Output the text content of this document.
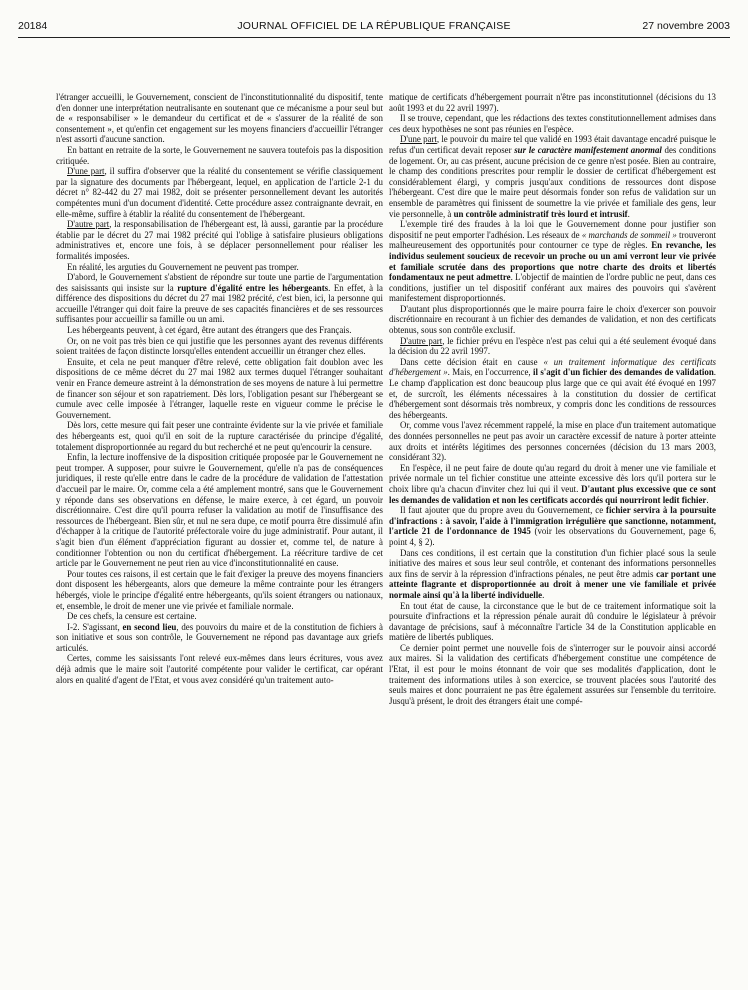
20184	JOURNAL OFFICIEL DE LA RÉPUBLIQUE FRANÇAISE	27 novembre 2003

l'étranger accueilli, le Gouvernement, conscient de l'inconstitutionnalité du dispositif, tente d'en donner une interprétation neutralisante en soutenant que ce mécanisme a pour seul but de « responsabiliser » le demandeur du certificat et de « s'assurer de la réalité de son consentement », et qu'enfin cet engagement sur les moyens financiers d'accueillir l'étranger n'est assorti d'aucune sanction.

En battant en retraite de la sorte, le Gouvernement ne sauvera toutefois pas la disposition critiquée.

D'une part, il suffira d'observer que la réalité du consentement se vérifie classiquement par la signature des documents par l'hébergeant, lequel, en application de l'article 2-1 du décret n° 82-442 du 27 mai 1982, doit se présenter personnellement devant les autorités compétentes muni d'un document d'identité. Cette procédure assez contraignante devrait, en elle-même, suffire à établir la réalité du consentement de l'hébergeant.

D'autre part, la responsabilisation de l'hébergeant est, là aussi, garantie par la procédure établie par le décret du 27 mai 1982 précité qui l'oblige à satisfaire plusieurs obligations administratives et, encore une fois, à se déplacer personnellement pour réaliser les formalités imposées.

En réalité, les arguties du Gouvernement ne peuvent pas tromper.

D'abord, le Gouvernement s'abstient de répondre sur toute une partie de l'argumentation des saisissants qui insiste sur la rupture d'égalité entre les hébergeants. En effet, à la différence des dispositions du décret du 27 mai 1982 précité, c'est bien, ici, la personne qui accueille l'étranger qui doit faire la preuve de ses capacités financières et de ses ressources suffisantes pour accueillir sa famille ou un ami.

Les hébergeants peuvent, à cet égard, être autant des étrangers que des Français.

Or, on ne voit pas très bien ce qui justifie que les personnes ayant des revenus différents soient traitées de façon distincte lorsqu'elles entendent accueillir un étranger chez elles.

Ensuite, et cela ne peut manquer d'être relevé, cette obligation fait doublon avec les dispositions de ce même décret du 27 mai 1982 aux termes duquel l'étranger souhaitant venir en France demeure astreint à la démonstration de ses moyens de nature à lui permettre de financer son séjour et son rapatriement. Dès lors, l'obligation pesant sur l'hébergeant se cumule avec celle imposée à l'étranger, laquelle reste en vigueur comme le précise le Gouvernement.

Dès lors, cette mesure qui fait peser une contrainte évidente sur la vie privée et familiale des hébergeants est, quoi qu'il en soit de la rupture caractérisée du principe d'égalité, totalement disproportionnée au regard du but recherché et ne peut qu'encourir la censure.

Enfin, la lecture inoffensive de la disposition critiquée proposée par le Gouvernement ne peut tromper. A supposer, pour suivre le Gouvernement, qu'elle n'a pas de conséquences juridiques, il reste qu'elle entre dans le cadre de la procédure de validation de l'attestation d'accueil par le maire. Or, comme cela a été amplement montré, sans que le Gouvernement y réponde dans ses observations en défense, le maire exerce, à cet égard, un pouvoir discrétionnaire. C'est dire qu'il pourra refuser la validation au motif de l'insuffisance des ressources de l'hébergeant. Bien sûr, et nul ne sera dupe, ce motif pourra être dissimulé afin d'échapper à la critique de l'autorité préfectorale voire du juge administratif. Pour autant, il s'agit bien d'un élément d'appréciation figurant au dossier et, comme tel, de nature à conditionner l'obtention ou non du certificat d'hébergement. La réécriture tardive de cet article par le Gouvernement ne peut rien au vice d'inconstitutionnalité en cause.

Pour toutes ces raisons, il est certain que le fait d'exiger la preuve des moyens financiers dont disposent les hébergeants, alors que demeure la même contrainte pour les étrangers hébergés, viole le principe d'égalité entre hébergeants, qu'ils soient étrangers ou nationaux, et, ensemble, le droit de mener une vie privée et familiale normale.

De ces chefs, la censure est certaine.

I-2. S'agissant, en second lieu, des pouvoirs du maire et de la constitution de fichiers à son initiative et sous son contrôle, le Gouvernement ne répond pas davantage aux griefs articulés.

Certes, comme les saisissants l'ont relevé eux-mêmes dans leurs écritures, vous avez déjà admis que le maire soit l'autorité compétente pour valider le certificat, car opérant alors en qualité d'agent de l'Etat, et vous avez considéré qu'un traitement auto-

matique de certificats d'hébergement pourrait n'être pas inconstitutionnel (décisions du 13 août 1993 et du 22 avril 1997).

Il se trouve, cependant, que les rédactions des textes constitutionnellement admises dans ces deux hypothèses ne sont pas réunies en l'espèce.

D'une part, le pouvoir du maire tel que validé en 1993 était davantage encadré puisque le refus d'un certificat devait reposer sur le caractère manifestement anormal des conditions de logement. Or, au cas présent, aucune précision de ce genre n'est posée. Bien au contraire, le champ des conditions prescrites pour remplir le dossier de certificat d'hébergement est considérablement élargi, y compris jusqu'aux conditions de ressources dont dispose l'hébergeant. C'est dire que le maire peut désormais fonder son refus de validation sur un ensemble de paramètres qui finissent de soumettre la vie privée et familiale des gens, leur vie personnelle, à un contrôle administratif très lourd et intrusif.

L'exemple tiré des fraudes à la loi que le Gouvernement donne pour justifier son dispositif ne peut emporter l'adhésion. Les réseaux de « marchands de sommeil » trouveront malheureusement des opportunités pour contourner ce type de règles. En revanche, les individus seulement soucieux de recevoir un proche ou un ami verront leur vie privée et familiale scrutée dans des proportions que notre charte des droits et libertés fondamentaux ne peut admettre. L'objectif de maintien de l'ordre public ne peut, dans ces conditions, justifier un tel dispositif conférant aux maires des pouvoirs qui s'avèrent manifestement disproportionnés.

D'autant plus disproportionnés que le maire pourra faire le choix d'exercer son pouvoir discrétionnaire en recourant à un fichier des demandes de validation, et non des certificats obtenus, sous son contrôle exclusif.

D'autre part, le fichier prévu en l'espèce n'est pas celui qui a été seulement évoqué dans la décision du 22 avril 1997.

Dans cette décision était en cause « un traitement informatique des certificats d'hébergement ». Mais, en l'occurrence, il s'agit d'un fichier des demandes de validation. Le champ d'application est donc beaucoup plus large que ce qui avait été évoqué en 1997 et, de surcroît, les éléments nécessaires à la constitution du dossier de certificat d'hébergement sont désormais très nombreux, y compris donc les conditions de ressources des hébergeants.

Or, comme vous l'avez récemment rappelé, la mise en place d'un traitement automatique des données personnelles ne peut pas avoir un caractère excessif de nature à porter atteinte aux droits et intérêts légitimes des personnes concernées (décision du 13 mars 2003, considérant 32).

En l'espèce, il ne peut faire de doute qu'au regard du droit à mener une vie familiale et privée normale un tel fichier constitue une atteinte excessive dès lors qu'il portera sur le choix libre qu'a chacun d'inviter chez lui qui il veut. D'autant plus excessive que ce sont les demandes de validation et non les certificats accordés qui nourriront ledit fichier.

Il faut ajouter que du propre aveu du Gouvernement, ce fichier servira à la poursuite d'infractions : à savoir, l'aide à l'immigration irrégulière que sanctionne, notamment, l'article 21 de l'ordonnance de 1945 (voir les observations du Gouvernement, page 6, point 4, § 2).

Dans ces conditions, il est certain que la constitution d'un fichier placé sous la seule initiative des maires et sous leur seul contrôle, et contenant des informations personnelles aux fins de servir à la répression d'infractions pénales, ne peut être admis car portant une atteinte flagrante et disproportionnée au droit à mener une vie familiale et privée normale ainsi qu'à la liberté individuelle.

En tout état de cause, la circonstance que le but de ce traitement informatique soit la poursuite d'infractions et la répression pénale aurait dû conduire le législateur à prévoir davantage de précisions, sauf à méconnaître l'article 34 de la Constitution applicable en matière de libertés publiques.

Ce dernier point permet une nouvelle fois de s'interroger sur le pouvoir ainsi accordé aux maires. Si la validation des certificats d'hébergement constitue une compétence de l'Etat, il est pour le moins étonnant de voir que ses modalités d'application, dont le traitement des informations utiles à son exercice, se trouvent placées sous l'autorité des seuls maires et donc pourraient ne pas être également assurées sur l'ensemble du territoire. Jusqu'à présent, le droit des étrangers était une compé-
